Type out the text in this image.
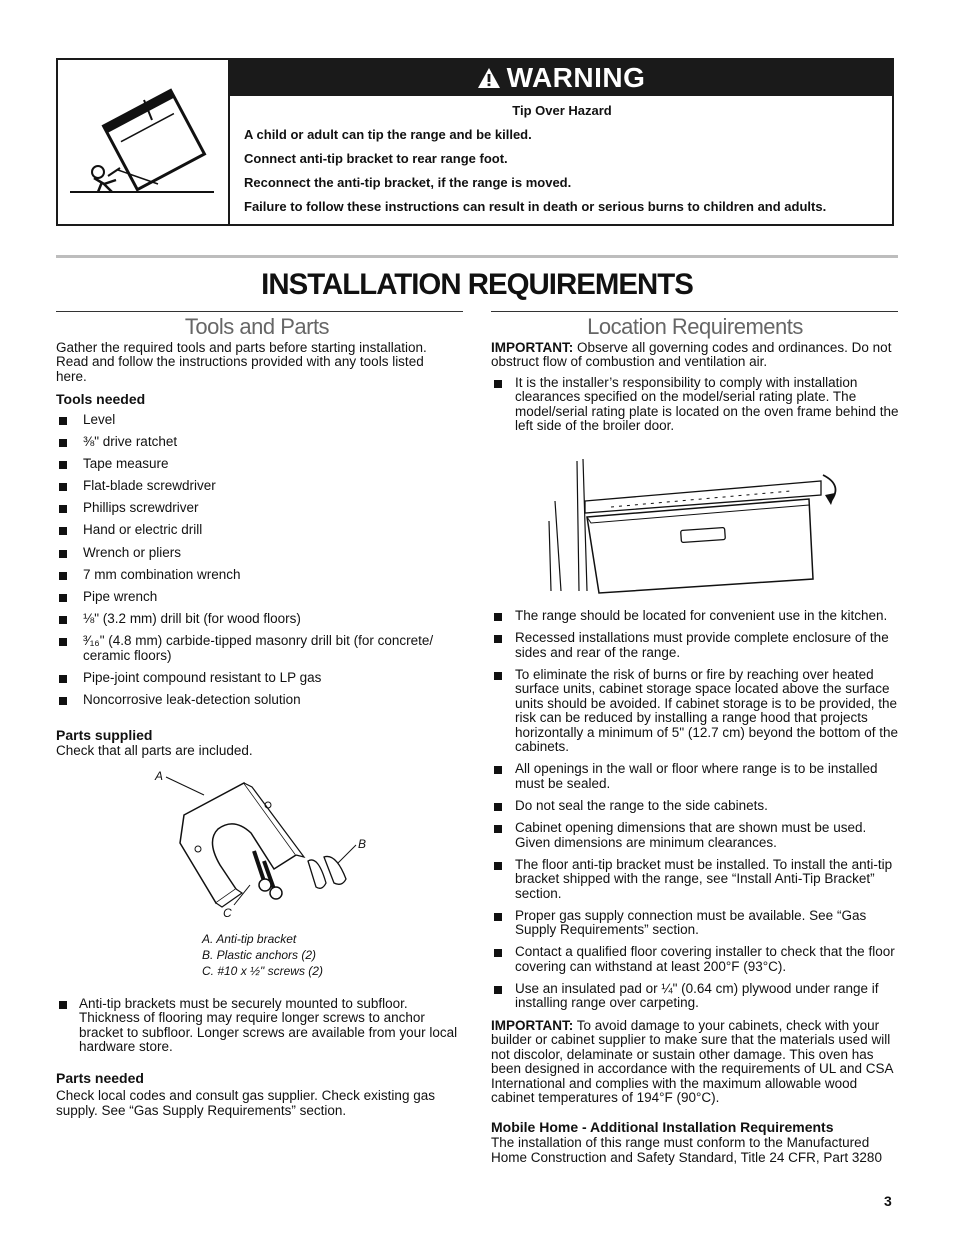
WARNING
Tip Over Hazard
A child or adult can tip the range and be killed.
Connect anti-tip bracket to rear range foot.
Reconnect the anti-tip bracket, if the range is moved.
Failure to follow these instructions can result in death or serious burns to children and adults.
INSTALLATION REQUIREMENTS
Tools and Parts

Gather the required tools and parts before starting installation. Read and follow the instructions provided with any tools listed here.

Tools needed
Level
⅜" drive ratchet
Tape measure
Flat-blade screwdriver
Phillips screwdriver
Hand or electric drill
Wrench or pliers
7 mm combination wrench
Pipe wrench
⅛" (3.2 mm) drill bit (for wood floors)
³⁄₁₆" (4.8 mm) carbide-tipped masonry drill bit (for concrete/ ceramic floors)
Pipe-joint compound resistant to LP gas
Noncorrosive leak-detection solution
Parts supplied

Check that all parts are included.

A
B
C
A. Anti-tip bracket
B. Plastic anchors (2)
C. #10 x ½" screws (2)
Anti-tip brackets must be securely mounted to subfloor. Thickness of flooring may require longer screws to anchor bracket to subfloor. Longer screws are available from your local hardware store.
Parts needed

Check local codes and consult gas supplier. Check existing gas supply. See “Gas Supply Requirements” section.

Location Requirements

IMPORTANT: Observe all governing codes and ordinances. Do not obstruct flow of combustion and ventilation air.

It is the installer’s responsibility to comply with installation clearances specified on the model/serial rating plate. The model/serial rating plate is located on the oven frame behind the left side of the broiler door.
The range should be located for convenient use in the kitchen.
Recessed installations must provide complete enclosure of the sides and rear of the range.
To eliminate the risk of burns or fire by reaching over heated surface units, cabinet storage space located above the surface units should be avoided. If cabinet storage is to be provided, the risk can be reduced by installing a range hood that projects horizontally a minimum of 5" (12.7 cm) beyond the bottom of the cabinets.
All openings in the wall or floor where range is to be installed must be sealed.
Do not seal the range to the side cabinets.
Cabinet opening dimensions that are shown must be used. Given dimensions are minimum clearances.
The floor anti-tip bracket must be installed. To install the anti-tip bracket shipped with the range, see “Install Anti-Tip Bracket” section.
Proper gas supply connection must be available. See “Gas Supply Requirements” section.
Contact a qualified floor covering installer to check that the floor covering can withstand at least 200°F (93°C).
Use an insulated pad or ¼" (0.64 cm) plywood under range if installing range over carpeting.

IMPORTANT: To avoid damage to your cabinets, check with your builder or cabinet supplier to make sure that the materials used will not discolor, delaminate or sustain other damage. This oven has been designed in accordance with the requirements of UL and CSA International and complies with the maximum allowable wood cabinet temperatures of 194°F (90°C).

Mobile Home - Additional Installation Requirements

The installation of this range must conform to the Manufactured Home Construction and Safety Standard, Title 24 CFR, Part 3280

3
